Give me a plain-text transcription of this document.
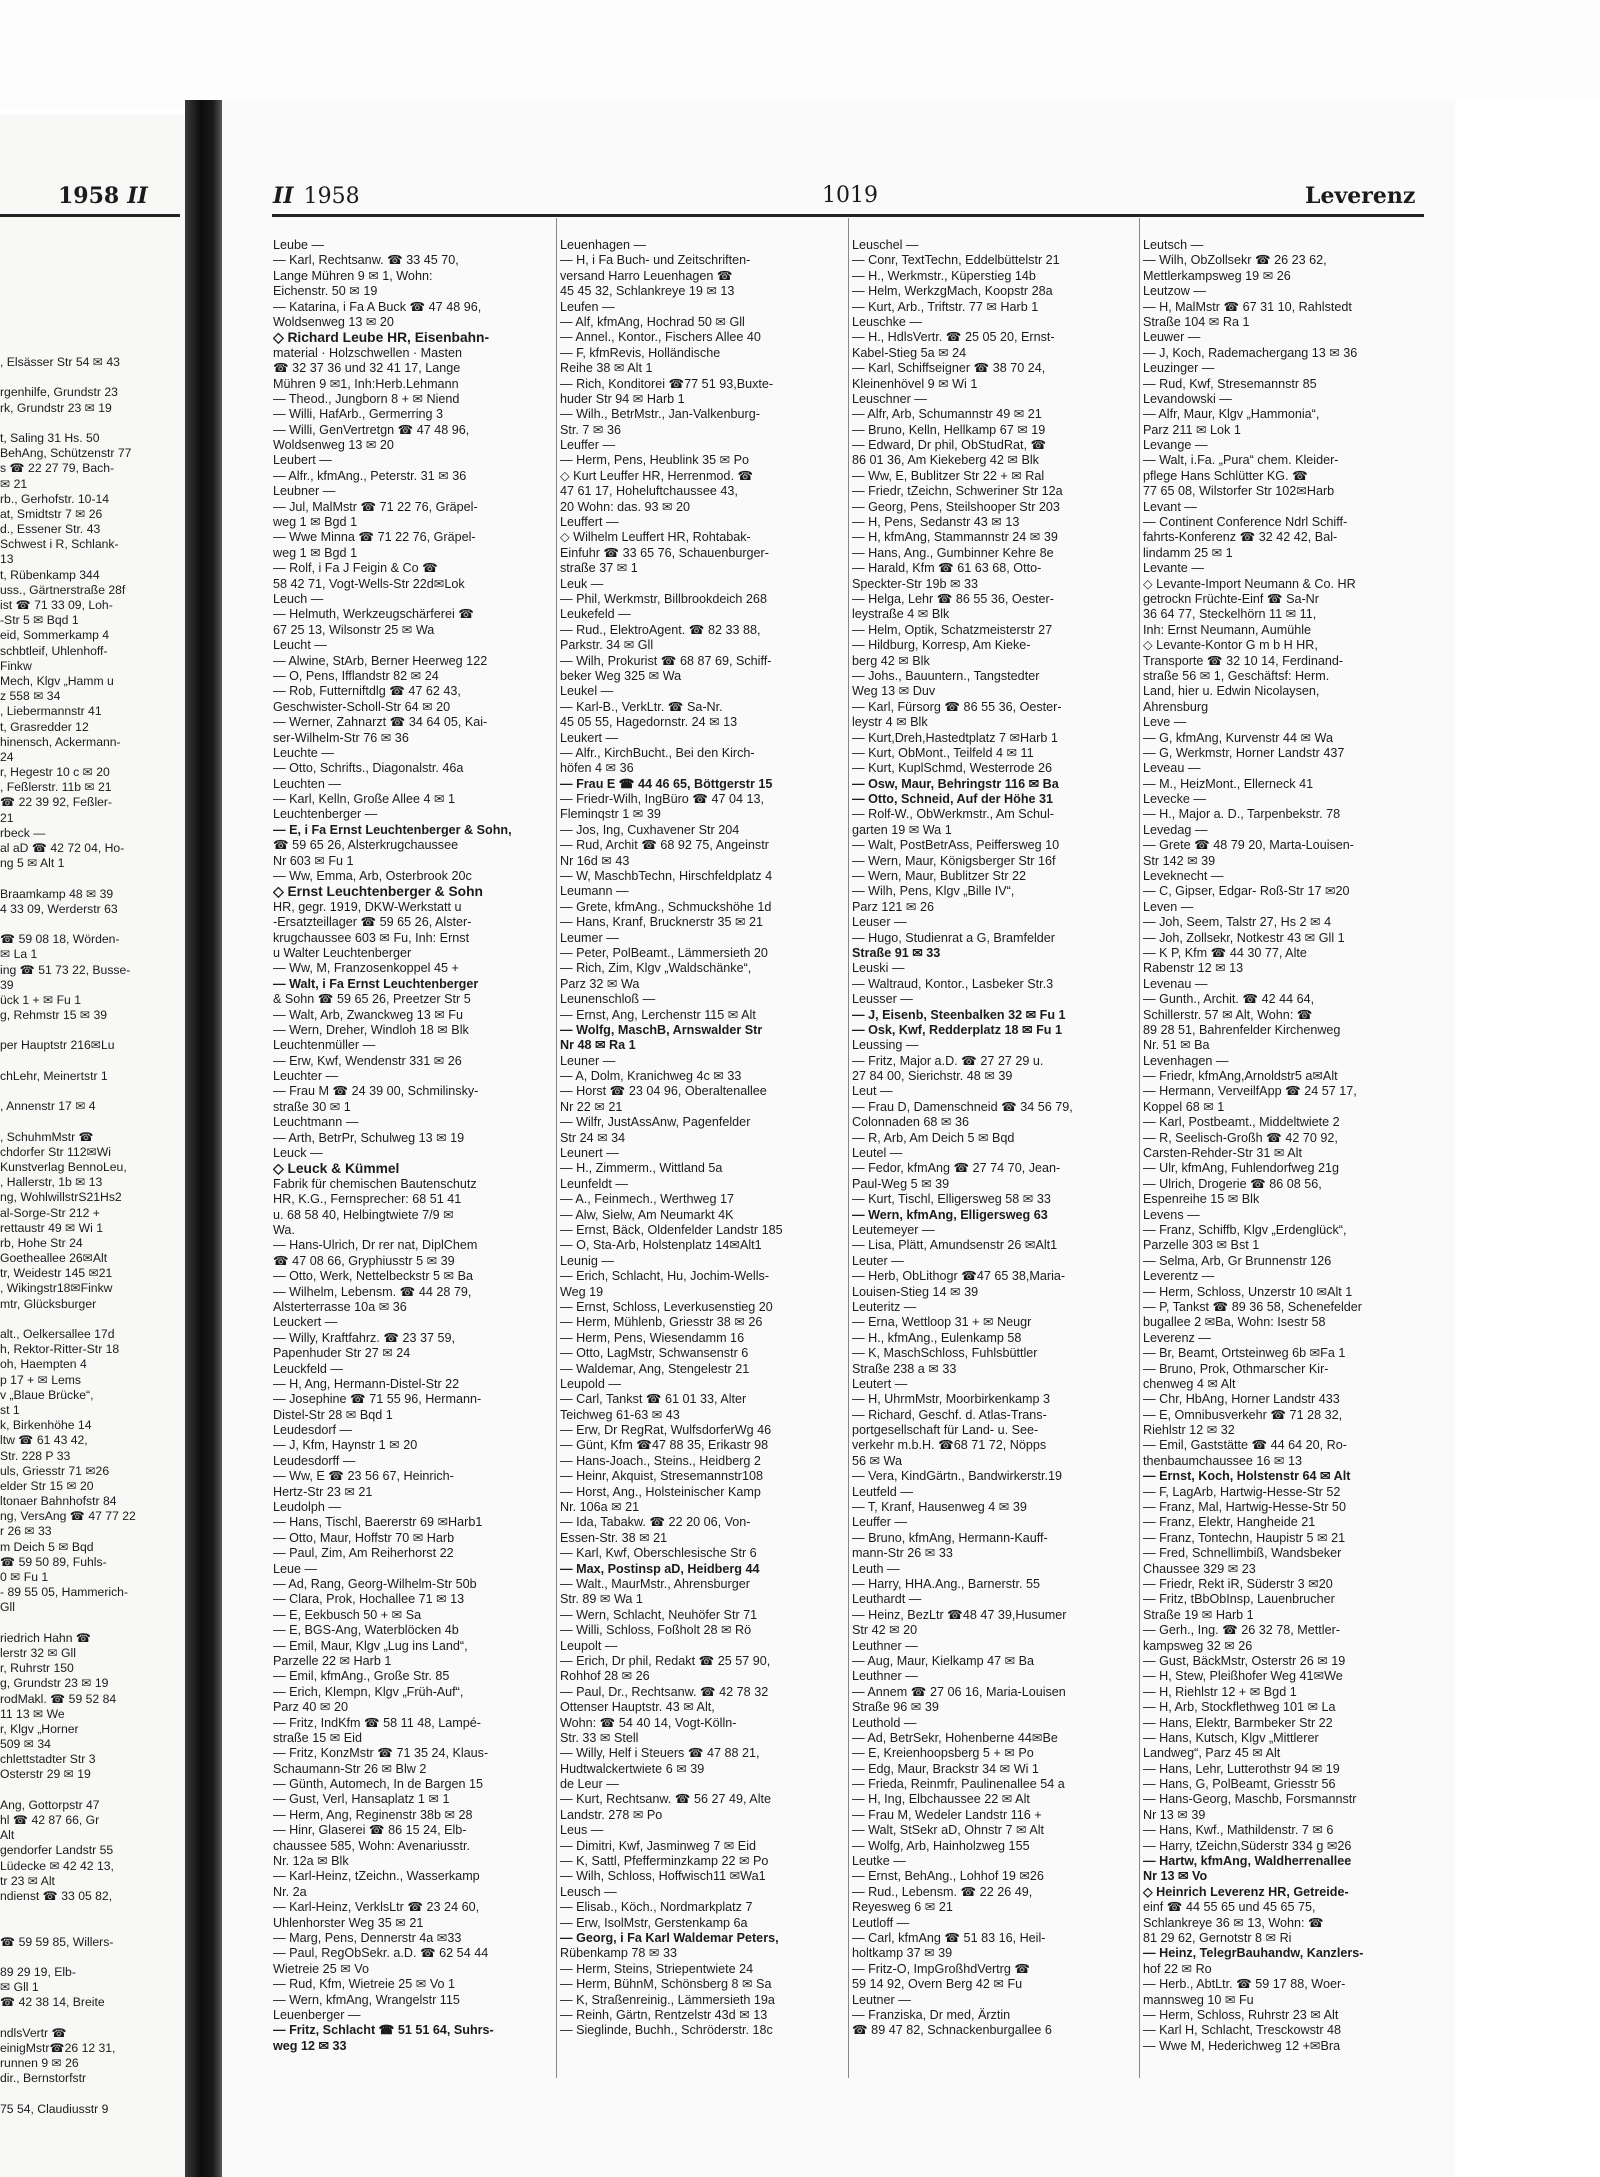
, Elsässer Str 54 ✉ 43
rgenhilfe, Grundstr 23
rk, Grundstr 23 ✉ 19
t, Saling 31 Hs. 50
BehAng, Schützenstr 77
s ☎ 22 27 79, Bach-
✉ 21
rb., Gerhofstr. 10-14
at, Smidtstr 7 ✉ 26
d., Essener Str. 43
Schwest i R, Schlank-
13
t, Rübenkamp 344
uss., Gärtnerstraße 28f
ist ☎ 71 33 09, Loh-
-Str 5 ✉ Bqd 1
eid, Sommerkamp 4
schbtleif, Uhlenhoff-
Finkw
Mech, Klgv „Hamm u
z 558 ✉ 34
, Liebermannstr 41
t, Grasredder 12
hinensch, Ackermann-
24
r, Hegestr 10 c ✉ 20
, Feßlerstr. 11b ✉ 21
☎ 22 39 92, Feßler-
21
rbeck —
al aD ☎ 42 72 04, Ho-
ng 5 ✉ Alt 1
Braamkamp 48 ✉ 39
4 33 09, Werderstr 63
☎ 59 08 18, Wörden-
✉ La 1
ing ☎ 51 73 22, Busse-
39
ück 1 + ✉ Fu 1
g, Rehmstr 15 ✉ 39
per Hauptstr 216✉Lu
chLehr, Meinertstr 1
, Annenstr 17 ✉ 4
, SchuhmMstr ☎
chdorfer Str 112✉Wi
Kunstverlag BennoLeu,
, Hallerstr, 1b ✉ 13
ng, WohlwillstrS21Hs2
al-Sorge-Str 212 +
rettaustr 49 ✉ Wi 1
rb, Hohe Str 24
Goetheallee 26✉Alt
tr, Weidestr 145 ✉21
, Wikingstr18✉Finkw
mtr, Glücksburger
alt., Oelkersallee 17d
h, Rektor-Ritter-Str 18
oh, Haempten 4
p 17 + ✉ Lems
v „Blaue Brücke“,
st 1
k, Birkenhöhe 14
ltw ☎ 61 43 42,
Str. 228 P 33
uls, Griesstr 71 ✉26
elder Str 15 ✉ 20
ltonaer Bahnhofstr 84
ng, VersAng ☎ 47 77 22
r 26 ✉ 33
m Deich 5 ✉ Bqd
☎ 59 50 89, Fuhls-
0 ✉ Fu 1
- 89 55 05, Hammerich-
Gll
riedrich Hahn ☎
lerstr 32 ✉ Gll
r, Ruhrstr 150
g, Grundstr 23 ✉ 19
rodMakl. ☎ 59 52 84
11 13 ✉ We
r, Klgv „Horner
509 ✉ 34
chlettstadter Str 3
Osterstr 29 ✉ 19
Ang, Gottorpstr 47
hl ☎ 42 87 66, Gr
Alt
gendorfer Landstr 55
Lüdecke ✉ 42 42 13,
tr 23 ✉ Alt
ndienst ☎ 33 05 82,
☎ 59 59 85, Willers-
89 29 19, Elb-
✉ Gll 1
☎ 42 38 14, Breite
ndlsVertr ☎
einigMstr☎26 12 31,
runnen 9 ✉ 26
dir., Bernstorfstr
75 54, Claudiusstr 9
1958 II	II 1958	1019	Leverenz
Leube —
— Karl, Rechtsanw. ☎ 33 45 70,
Lange Mühren 9 ✉ 1, Wohn:
Eichenstr. 50 ✉ 19
— Katarina, i Fa A Buck ☎ 47 48 96,
Woldsenweg 13 ✉ 20
◇ Richard Leube HR, Eisenbahn-
material · Holzschwellen · Masten
☎ 32 37 36 und 32 41 17, Lange
Mühren 9 ✉1, Inh:Herb.Lehmann
— Theod., Jungborn 8 + ✉ Niend
— Willi, HafArb., Germerring 3
— Willi, GenVertretgn ☎ 47 48 96,
Woldsenweg 13 ✉ 20
Leubert —
— Alfr., kfmAng., Peterstr. 31 ✉ 36
Leubner —
— Jul, MalMstr ☎ 71 22 76, Gräpel-
weg 1 ✉ Bgd 1
— Wwe Minna ☎ 71 22 76, Gräpel-
weg 1 ✉ Bgd 1
— Rolf, i Fa J Feigin & Co ☎
58 42 71, Vogt-Wells-Str 22d✉Lok
Leuch —
— Helmuth, Werkzeugschärferei ☎
67 25 13, Wilsonstr 25 ✉ Wa
Leucht —
— Alwine, StArb, Berner Heerweg 122
— O, Pens, Ifflandstr 82 ✉ 24
— Rob, Futterniftdlg ☎ 47 62 43,
Geschwister-Scholl-Str 64 ✉ 20
— Werner, Zahnarzt ☎ 34 64 05, Kai-
ser-Wilhelm-Str 76 ✉ 36
Leuchte —
— Otto, Schrifts., Diagonalstr. 46a
Leuchten —
— Karl, Kelln, Große Allee 4 ✉ 1
Leuchtenberger —
— E, i Fa Ernst Leuchtenberger & Sohn,
☎ 59 65 26, Alsterkrugchaussee
Nr 603 ✉ Fu 1
— Ww, Emma, Arb, Osterbrook 20c
◇ Ernst Leuchtenberger & Sohn
HR, gegr. 1919, DKW-Werkstatt u
-Ersatzteillager ☎ 59 65 26, Alster-
krugchaussee 603 ✉ Fu, Inh: Ernst
u Walter Leuchtenberger
— Ww, M, Franzosenkoppel 45 +
— Walt, i Fa Ernst Leuchtenberger
& Sohn ☎ 59 65 26, Preetzer Str 5
— Walt, Arb, Zwanckweg 13 ✉ Fu
— Wern, Dreher, Windloh 18 ✉ Blk
Leuchtenmüller —
— Erw, Kwf, Wendenstr 331 ✉ 26
Leuchter —
— Frau M ☎ 24 39 00, Schmilinsky-
straße 30 ✉ 1
Leuchtmann —
— Arth, BetrPr, Schulweg 13 ✉ 19
Leuck —
◇ Leuck & Kümmel
Fabrik für chemischen Bautenschutz
HR, K.G., Fernsprecher: 68 51 41
u. 68 58 40, Helbingtwiete 7/9 ✉
Wa.
— Hans-Ulrich, Dr rer nat, DiplChem
☎ 47 08 66, Gryphiusstr 5 ✉ 39
— Otto, Werk, Nettelbeckstr 5 ✉ Ba
— Wilhelm, Lebensm. ☎ 44 28 79,
Alsterterrasse 10a ✉ 36
Leuckert —
— Willy, Kraftfahrz. ☎ 23 37 59,
Papenhuder Str 27 ✉ 24
Leuckfeld —
— H, Ang, Hermann-Distel-Str 22
— Josephine ☎ 71 55 96, Hermann-
Distel-Str 28 ✉ Bqd 1
Leudesdorf —
— J, Kfm, Haynstr 1 ✉ 20
Leudesdorff —
— Ww, E ☎ 23 56 67, Heinrich-
Hertz-Str 23 ✉ 21
Leudolph —
— Hans, Tischl, Baererstr 69 ✉Harb1
— Otto, Maur, Hoffstr 70 ✉ Harb
— Paul, Zim, Am Reiherhorst 22
Leue —
— Ad, Rang, Georg-Wilhelm-Str 50b
— Clara, Prok, Hochallee 71 ✉ 13
— E, Eekbusch 50 + ✉ Sa
— E, BGS-Ang, Waterblöcken 4b
— Emil, Maur, Klgv „Lug ins Land“,
Parzelle 22 ✉ Harb 1
— Emil, kfmAng., Große Str. 85
— Erich, Klempn, Klgv „Früh-Auf“,
Parz 40 ✉ 20
— Fritz, IndKfm ☎ 58 11 48, Lampé-
straße 15 ✉ Eid
— Fritz, KonzMstr ☎ 71 35 24, Klaus-
Schaumann-Str 26 ✉ Blw 2
— Günth, Automech, In de Bargen 15
— Gust, Verl, Hansaplatz 1 ✉ 1
— Herm, Ang, Reginenstr 38b ✉ 28
— Hinr, Glaserei ☎ 86 15 24, Elb-
chaussee 585, Wohn: Avenariusstr.
Nr. 12a ✉ Blk
— Karl-Heinz, tZeichn., Wasserkamp
Nr. 2a
— Karl-Heinz, VerklsLtr ☎ 23 24 60,
Uhlenhorster Weg 35 ✉ 21
— Marg, Pens, Dennerstr 4a ✉33
— Paul, RegObSekr. a.D. ☎ 62 54 44
Wietreie 25 ✉ Vo
— Rud, Kfm, Wietreie 25 ✉ Vo 1
— Wern, kfmAng, Wrangelstr 115
Leuenberger —
— Fritz, Schlacht ☎ 51 51 64, Suhrs-
weg 12 ✉ 33
Leuenhagen —
— H, i Fa Buch- und Zeitschriften-
versand Harro Leuenhagen ☎
45 45 32, Schlankreye 19 ✉ 13
Leufen —
— Alf, kfmAng, Hochrad 50 ✉ Gll
— Annel., Kontor., Fischers Allee 40
— F, kfmRevis, Holländische
Reihe 38 ✉ Alt 1
— Rich, Konditorei ☎77 51 93,Buxte-
huder Str 94 ✉ Harb 1
— Wilh., BetrMstr., Jan-Valkenburg-
Str. 7 ✉ 36
Leuffer —
— Herm, Pens, Heublink 35 ✉ Po
◇ Kurt Leuffer HR, Herrenmod. ☎
47 61 17, Hoheluftchaussee 43,
20 Wohn: das. 93 ✉ 20
Leuffert —
◇ Wilhelm Leuffert HR, Rohtabak-
Einfuhr ☎ 33 65 76, Schauenburger-
straße 37 ✉ 1
Leuk —
— Phil, Werkmstr, Billbrookdeich 268
Leukefeld —
— Rud., ElektroAgent. ☎ 82 33 88,
Parkstr. 34 ✉ Gll
— Wilh, Prokurist ☎ 68 87 69, Schiff-
beker Weg 325 ✉ Wa
Leukel —
— Karl-B., VerkLtr. ☎ Sa-Nr.
45 05 55, Hagedornstr. 24 ✉ 13
Leukert —
— Alfr., KirchBucht., Bei den Kirch-
höfen 4 ✉ 36
— Frau E ☎ 44 46 65, Böttgerstr 15
— Friedr-Wilh, IngBüro ☎ 47 04 13,
Fleminqstr 1 ✉ 39
— Jos, Ing, Cuxhavener Str 204
— Rud, Archit ☎ 68 92 75, Angeinstr
Nr 16d ✉ 43
— W, MaschbTechn, Hirschfeldplatz 4
Leumann —
— Grete, kfmAng., Schmuckshöhe 1d
— Hans, Kranf, Brucknerstr 35 ✉ 21
Leumer —
— Peter, PolBeamt., Lämmersieth 20
— Rich, Zim, Klgv „Waldschänke“,
Parz 32 ✉ Wa
Leunenschloß —
— Ernst, Ang, Lerchenstr 115 ✉ Alt
— Wolfg, MaschB, Arnswalder Str
Nr 48 ✉ Ra 1
Leuner —
— A, Dolm, Kranichweg 4c ✉ 33
— Horst ☎ 23 04 96, Oberaltenallee
Nr 22 ✉ 21
— Wilfr, JustAssAnw, Pagenfelder
Str 24 ✉ 34
Leunert —
— H., Zimmerm., Wittland 5a
Leunfeldt —
— A., Feinmech., Werthweg 17
— Alw, Sielw, Am Neumarkt 4K
— Ernst, Bäck, Oldenfelder Landstr 185
— O, Sta-Arb, Holstenplatz 14✉Alt1
Leunig —
— Erich, Schlacht, Hu, Jochim-Wells-
Weg 19
— Ernst, Schloss, Leverkusenstieg 20
— Herm, Mühlenb, Griesstr 38 ✉ 26
— Herm, Pens, Wiesendamm 16
— Otto, LagMstr, Schwansenstr 6
— Waldemar, Ang, Stengelestr 21
Leupold —
— Carl, Tankst ☎ 61 01 33, Alter
Teichweg 61-63 ✉ 43
— Erw, Dr RegRat, WulfsdorferWg 46
— Günt, Kfm ☎47 88 35, Erikastr 98
— Hans-Joach., Steins., Heidberg 2
— Heinr, Akquist, Stresemannstr108
— Horst, Ang., Holsteinischer Kamp
Nr. 106a ✉ 21
— Ida, Tabakw. ☎ 22 20 06, Von-
Essen-Str. 38 ✉ 21
— Karl, Kwf, Oberschlesische Str 6
— Max, Postinsp aD, Heidberg 44
— Walt., MaurMstr., Ahrensburger
Str. 89 ✉ Wa 1
— Wern, Schlacht, Neuhöfer Str 71
— Willi, Schloss, Foßholt 28 ✉ Rö
Leupolt —
— Erich, Dr phil, Redakt ☎ 25 57 90,
Rohhof 28 ✉ 26
— Paul, Dr., Rechtsanw. ☎ 42 78 32
Ottenser Hauptstr. 43 ✉ Alt,
Wohn: ☎ 54 40 14, Vogt-Kölln-
Str. 33 ✉ Stell
— Willy, Helf i Steuers ☎ 47 88 21,
Hudtwalckertwiete 6 ✉ 39
de Leur —
— Kurt, Rechtsanw. ☎ 56 27 49, Alte
Landstr. 278 ✉ Po
Leus —
— Dimitri, Kwf, Jasminweg 7 ✉ Eid
— K, Sattl, Pfefferminzkamp 22 ✉ Po
— Wilh, Schloss, Hoffwisch11 ✉Wa1
Leusch —
— Elisab., Köch., Nordmarkplatz 7
— Erw, IsolMstr, Gerstenkamp 6a
— Georg, i Fa Karl Waldemar Peters,
Rübenkamp 78 ✉ 33
— Herm, Steins, Striepentwiete 24
— Herm, BühnM, Schönsberg 8 ✉ Sa
— K, Straßenreinig., Lämmersieth 19a
— Reinh, Gärtn, Rentzelstr 43d ✉ 13
— Sieglinde, Buchh., Schröderstr. 18c
Leuschel —
— Conr, TextTechn, Eddelbüttelstr 21
— H., Werkmstr., Küperstieg 14b
— Helm, WerkzgMach, Koopstr 28a
— Kurt, Arb., Triftstr. 77 ✉ Harb 1
Leuschke —
— H., HdlsVertr. ☎ 25 05 20, Ernst-
Kabel-Stieg 5a ✉ 24
— Karl, Schiffseigner ☎ 38 70 24,
Kleinenhövel 9 ✉ Wi 1
Leuschner —
— Alfr, Arb, Schumannstr 49 ✉ 21
— Bruno, Kelln, Hellkamp 67 ✉ 19
— Edward, Dr phil, ObStudRat, ☎
86 01 36, Am Kiekeberg 42 ✉ Blk
— Ww, E, Bublitzer Str 22 + ✉ Ral
— Friedr, tZeichn, Schweriner Str 12a
— Georg, Pens, Steilshooper Str 203
— H, Pens, Sedanstr 43 ✉ 13
— H, kfmAng, Stammannstr 24 ✉ 39
— Hans, Ang., Gumbinner Kehre 8e
— Harald, Kfm ☎ 61 63 68, Otto-
Speckter-Str 19b ✉ 33
— Helga, Lehr ☎ 86 55 36, Oester-
leystraße 4 ✉ Blk
— Helm, Optik, Schatzmeisterstr 27
— Hildburg, Korresp, Am Kieke-
berg 42 ✉ Blk
— Johs., Bauuntern., Tangstedter
Weg 13 ✉ Duv
— Karl, Fürsorg ☎ 86 55 36, Oester-
leystr 4 ✉ Blk
— Kurt,Dreh,Hastedtplatz 7 ✉Harb 1
— Kurt, ObMont., Teilfeld 4 ✉ 11
— Kurt, KuplSchmd, Westerrode 26
— Osw, Maur, Behringstr 116 ✉ Ba
— Otto, Schneid, Auf der Höhe 31
— Rolf-W., ObWerkmstr., Am Schul-
garten 19 ✉ Wa 1
— Walt, PostBetrAss, Peiffersweg 10
— Wern, Maur, Königsberger Str 16f
— Wern, Maur, Bublitzer Str 22
— Wilh, Pens, Klgv „Bille IV“,
Parz 121 ✉ 26
Leuser —
— Hugo, Studienrat a G, Bramfelder
Straße 91 ✉ 33
Leuski —
— Waltraud, Kontor., Lasbeker Str.3
Leusser —
— J, Eisenb, Steenbalken 32 ✉ Fu 1
— Osk, Kwf, Redderplatz 18 ✉ Fu 1
Leussing —
— Fritz, Major a.D. ☎ 27 27 29 u.
27 84 00, Sierichstr. 48 ✉ 39
Leut —
— Frau D, Damenschneid ☎ 34 56 79,
Colonnaden 68 ✉ 36
— R, Arb, Am Deich 5 ✉ Bqd
Leutel —
— Fedor, kfmAng ☎ 27 74 70, Jean-
Paul-Weg 5 ✉ 39
— Kurt, Tischl, Elligersweg 58 ✉ 33
— Wern, kfmAng, Elligersweg 63
Leutemeyer —
— Lisa, Plätt, Amundsenstr 26 ✉Alt1
Leuter —
— Herb, ObLithogr ☎47 65 38,Maria-
Louisen-Stieg 14 ✉ 39
Leuteritz —
— Erna, Wettloop 31 + ✉ Neugr
— H., kfmAng., Eulenkamp 58
— K, MaschSchloss, Fuhlsbüttler
Straße 238 a ✉ 33
Leutert —
— H, UhrmMstr, Moorbirkenkamp 3
— Richard, Geschf. d. Atlas-Trans-
portgesellschaft für Land- u. See-
verkehr m.b.H. ☎68 71 72, Nöpps
56 ✉ Wa
— Vera, KindGärtn., Bandwirkerstr.19
Leutfeld —
— T, Kranf, Hausenweg 4 ✉ 39
Leuffer —
— Bruno, kfmAng, Hermann-Kauff-
mann-Str 26 ✉ 33
Leuth —
— Harry, HHA.Ang., Barnerstr. 55
Leuthardt —
— Heinz, BezLtr ☎48 47 39,Husumer
Str 42 ✉ 20
Leuthner —
— Aug, Maur, Kielkamp 47 ✉ Ba
Leuthner —
— Annem ☎ 27 06 16, Maria-Louisen
Straße 96 ✉ 39
Leuthold —
— Ad, BetrSekr, Hohenberne 44✉Be
— E, Kreienhoopsberg 5 + ✉ Po
— Edg, Maur, Brackstr 34 ✉ Wi 1
— Frieda, Reinmfr, Paulinenallee 54 a
— H, Ing, Elbchaussee 22 ✉ Alt
— Frau M, Wedeler Landstr 116 +
— Walt, StSekr aD, Ohnstr 7 ✉ Alt
— Wolfg, Arb, Hainholzweg 155
Leutke —
— Ernst, BehAng., Lohhof 19 ✉26
— Rud., Lebensm. ☎ 22 26 49,
Reyesweg 6 ✉ 21
Leutloff —
— Carl, kfmAng ☎ 51 83 16, Heil-
holtkamp 37 ✉ 39
— Fritz-O, ImpGroßhdVertrg ☎
59 14 92, Overn Berg 42 ✉ Fu
Leutner —
— Franziska, Dr med, Ärztin
☎ 89 47 82, Schnackenburgallee 6
Leutsch —
— Wilh, ObZollsekr ☎ 26 23 62,
Mettlerkampsweg 19 ✉ 26
Leutzow —
— H, MalMstr ☎ 67 31 10, Rahlstedt
Straße 104 ✉ Ra 1
Leuwer —
— J, Koch, Rademachergang 13 ✉ 36
Leuzinger —
— Rud, Kwf, Stresemannstr 85
Levandowski —
— Alfr, Maur, Klgv „Hammonia“,
Parz 211 ✉ Lok 1
Levange —
— Walt, i.Fa. „Pura“ chem. Kleider-
pflege Hans Schlütter KG. ☎
77 65 08, Wilstorfer Str 102✉Harb
Levant —
— Continent Conference Ndrl Schiff-
fahrts-Konferenz ☎ 32 42 42, Bal-
lindamm 25 ✉ 1
Levante —
◇ Levante-Import Neumann & Co. HR
getrockn Früchte-Einf ☎ Sa-Nr
36 64 77, Steckelhörn 11 ✉ 11,
Inh: Ernst Neumann, Aumühle
◇ Levante-Kontor G m b H HR,
Transporte ☎ 32 10 14, Ferdinand-
straße 56 ✉ 1, Geschäftsf: Herm.
Land, hier u. Edwin Nicolaysen,
Ahrensburg
Leve —
— G, kfmAng, Kurvenstr 44 ✉ Wa
— G, Werkmstr, Horner Landstr 437
Leveau —
— M., HeizMont., Ellerneck 41
Levecke —
— H., Major a. D., Tarpenbekstr. 78
Levedag —
— Grete ☎ 48 79 20, Marta-Louisen-
Str 142 ✉ 39
Leveknecht —
— C, Gipser, Edgar- Roß-Str 17 ✉20
Leven —
— Joh, Seem, Talstr 27, Hs 2 ✉ 4
— Joh, Zollsekr, Notkestr 43 ✉ Gll 1
— K P, Kfm ☎ 44 30 77, Alte
Rabenstr 12 ✉ 13
Levenau —
— Gunth., Archit. ☎ 42 44 64,
Schillerstr. 57 ✉ Alt, Wohn: ☎
89 28 51, Bahrenfelder Kirchenweg
Nr. 51 ✉ Ba
Levenhagen —
— Friedr, kfmAng,Arnoldstr5 a✉Alt
— Hermann, VerveilfApp ☎ 24 57 17,
Koppel 68 ✉ 1
— Karl, Postbeamt., Middeltwiete 2
— R, Seelisch-Großh ☎ 42 70 92,
Carsten-Rehder-Str 31 ✉ Alt
— Ulr, kfmAng, Fuhlendorfweg 21g
— Ulrich, Drogerie ☎ 86 08 56,
Espenreihe 15 ✉ Blk
Levens —
— Franz, Schiffb, Klgv „Erdenglück“,
Parzelle 303 ✉ Bst 1
— Selma, Arb, Gr Brunnenstr 126
Leverentz —
— Herm, Schloss, Unzerstr 10 ✉Alt 1
— P, Tankst ☎ 89 36 58, Schenefelder
bugallee 2 ✉Ba, Wohn: Isestr 58
Leverenz —
— Br, Beamt, Ortsteinweg 6b ✉Fa 1
— Bruno, Prok, Othmarscher Kir-
chenweg 4 ✉ Alt
— Chr, HbAng, Horner Landstr 433
— E, Omnibusverkehr ☎ 71 28 32,
Riehlstr 12 ✉ 32
— Emil, Gaststätte ☎ 44 64 20, Ro-
thenbaumchaussee 16 ✉ 13
— Ernst, Koch, Holstenstr 64 ✉ Alt
— F, LagArb, Hartwig-Hesse-Str 52
— Franz, Mal, Hartwig-Hesse-Str 50
— Franz, Elektr, Hangheide 21
— Franz, Tontechn, Haupistr 5 ✉ 21
— Fred, Schnellimbiß, Wandsbeker
Chaussee 329 ✉ 23
— Friedr, Rekt iR, Süderstr 3 ✉20
— Fritz, tBbObInsp, Lauenbrucher
Straße 19 ✉ Harb 1
— Gerh., Ing. ☎ 26 32 78, Mettler-
kampsweg 32 ✉ 26
— Gust, BäckMstr, Osterstr 26 ✉ 19
— H, Stew, Pleißhofer Weg 41✉We
— H, Riehlstr 12 + ✉ Bgd 1
— H, Arb, Stockflethweg 101 ✉ La
— Hans, Elektr, Barmbeker Str 22
— Hans, Kutsch, Klgv „Mittlerer
Landweg“, Parz 45 ✉ Alt
— Hans, Lehr, Lutterothstr 94 ✉ 19
— Hans, G, PolBeamt, Griesstr 56
— Hans-Georg, Maschb, Forsmannstr
Nr 13 ✉ 39
— Hans, Kwf., Mathildenstr. 7 ✉ 6
— Harry, tZeichn,Süderstr 334 g ✉26
— Hartw, kfmAng, Waldherrenallee
Nr 13 ✉ Vo
◇ Heinrich Leverenz HR, Getreide-
einf ☎ 44 55 65 und 45 65 75,
Schlankreye 36 ✉ 13, Wohn: ☎
81 29 62, Gernotstr 8 ✉ Ri
— Heinz, TelegrBauhandw, Kanzlers-
hof 22 ✉ Ro
— Herb., AbtLtr. ☎ 59 17 88, Woer-
mannsweg 10 ✉ Fu
— Herm, Schloss, Ruhrstr 23 ✉ Alt
— Karl H, Schlacht, Tresckowstr 48
— Wwe M, Hederichweg 12 +✉Bra
